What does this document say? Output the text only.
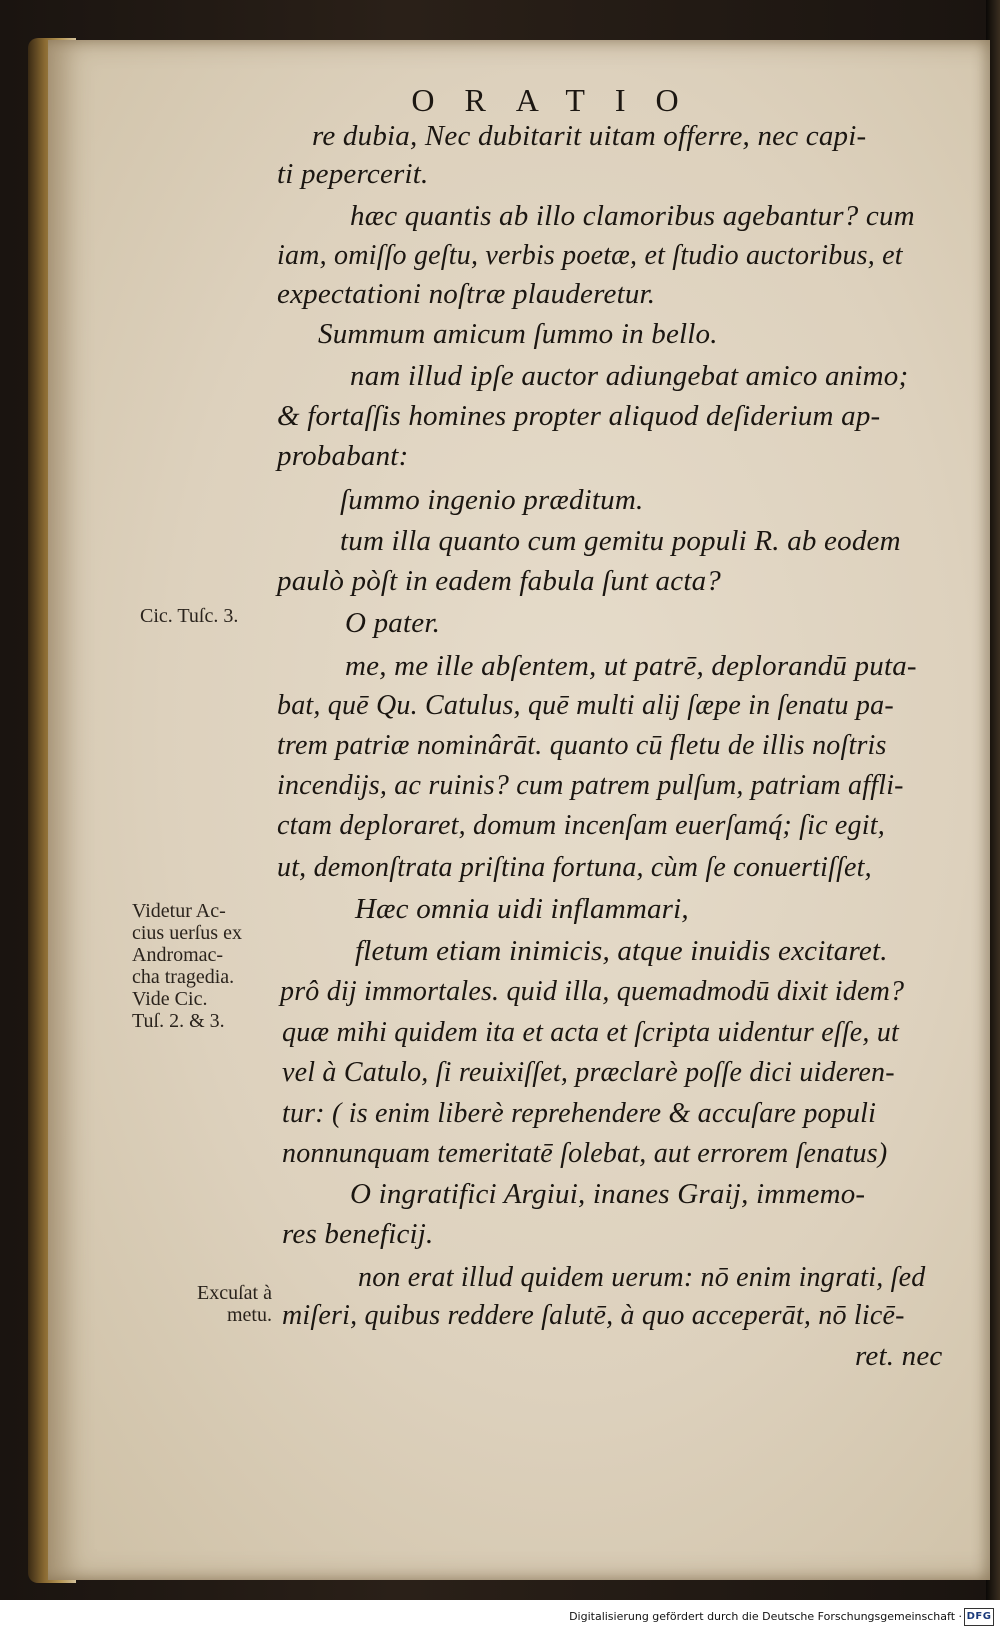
ORATIO
re dubia, Nec dubitarit uitam offerre, nec capi-
ti pepercerit.
hæc quantis ab illo clamoribus agebantur? cum
iam, omiſſo geſtu, verbis poetæ, et ſtudio auctoribus, et
expectationi noſtræ plauderetur.
Summum amicum ſummo in bello.
nam illud ipſe auctor adiungebat amico animo;
& fortaſſis homines propter aliquod deſiderium ap-
probabant:
ſummo ingenio præditum.
tum illa quanto cum gemitu populi R. ab eodem
paulò pòſt in eadem fabula ſunt acta?
O pater.
me, me ille abſentem, ut patrē, deplorandū puta-
bat, quē Qu. Catulus, quē multi alij ſæpe in ſenatu pa-
trem patriæ nominârāt. quanto cū fletu de illis noſtris
incendijs, ac ruinis? cum patrem pulſum, patriam affli-
ctam deploraret, domum incenſam euerſamq́; ſic egit,
ut, demonſtrata priſtina fortuna, cùm ſe conuertiſſet,
Hæc omnia uidi inflammari,
fletum etiam inimicis, atque inuidis excitaret.
prô dij immortales. quid illa, quemadmodū dixit idem?
quæ mihi quidem ita et acta et ſcripta uidentur eſſe, ut
vel à Catulo, ſi reuixiſſet, præclarè poſſe dici uideren-
tur: ( is enim liberè reprehendere & accuſare populi
nonnunquam temeritatē ſolebat, aut errorem ſenatus)
O ingratifici Argiui, inanes Graij, immemo-
res beneficij.
non erat illud quidem uerum: nō enim ingrati, ſed
miſeri, quibus reddere ſalutē, à quo acceperāt, nō licē-
ret. nec
Cic. Tuſc. 3.
Videtur Ac-
cius uerſus ex
Andromac-
cha tragedia.
Vide Cic.
Tuſ. 2. & 3.
Excuſat à
metu.
Digitalisierung gefördert durch die Deutsche Forschungsgemeinschaft · DFG
